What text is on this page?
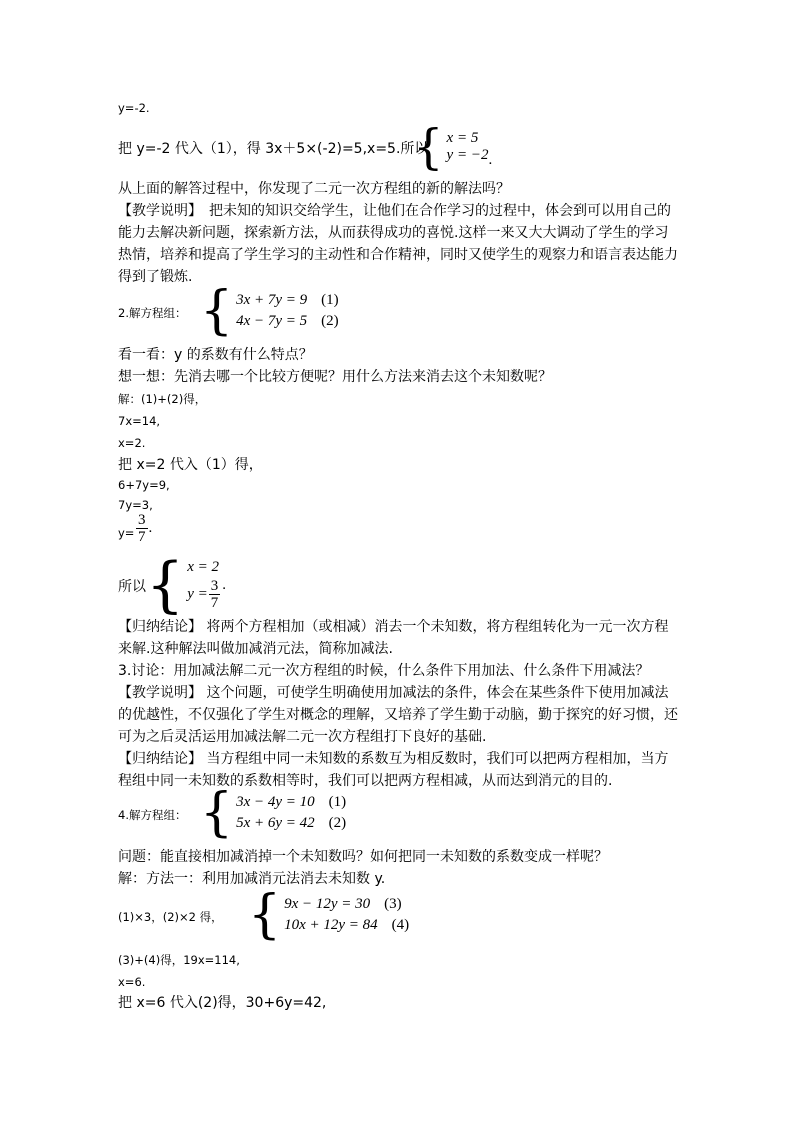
y=-2.
把 y=-2 代入（1），得 3x＋5×(-2)=5,x=5.所以
{ x = 5
y = −2 .
从上面的解答过程中，你发现了二元一次方程组的新的解法吗？
【教学说明】　把未知的知识交给学生，让他们在合作学习的过程中，体会到可以用自己的
能力去解决新问题，探索新方法，从而获得成功的喜悦.这样一来又大大调动了学生的学习
热情，培养和提高了学生学习的主动性和合作精神，同时又使学生的观察力和语言表达能力
得到了锻炼.
2.解方程组： { 3x + 7y = 9 (1)
4x − 7y = 5 (2)
看一看：y 的系数有什么特点？
想一想：先消去哪一个比较方便呢？用什么方法来消去这个未知数呢？
解：(1)+(2)得，
7x=14,
x=2.
把 x=2 代入（1）得，
6+7y=9,
7y=3,
$y= \frac{3}{7}$ .
所以 { x = 2
$y = \frac{3}{7}$ .
【归纳结论】 将两个方程相加（或相减）消去一个未知数，将方程组转化为一元一次方程
来解.这种解法叫做加减消元法，简称加减法.
3.讨论：用加减法解二元一次方程组的时候，什么条件下用加法、什么条件下用减法？
【教学说明】 这个问题，可使学生明确使用加减法的条件，体会在某些条件下使用加减法
的优越性，不仅强化了学生对概念的理解，又培养了学生勤于动脑，勤于探究的好习惯，还
可为之后灵活运用加减法解二元一次方程组打下良好的基础.
【归纳结论】 当方程组中同一未知数的系数互为相反数时，我们可以把两方程相加，当方
程组中同一未知数的系数相等时，我们可以把两方程相减，从而达到消元的目的.
4.解方程组： { 3x − 4y = 10 (1)
5x + 6y = 42 (2)
问题：能直接相加减消掉一个未知数吗？如何把同一未知数的系数变成一样呢？
解：方法一：利用加减消元法消去未知数 y.
(1)×3，(2)×2 得， { 9x − 12y = 30 (3)
10x + 12y = 84 (4)
(3)+(4)得，19x=114,
x=6.
把 x=6 代入(2)得，30+6y=42,
